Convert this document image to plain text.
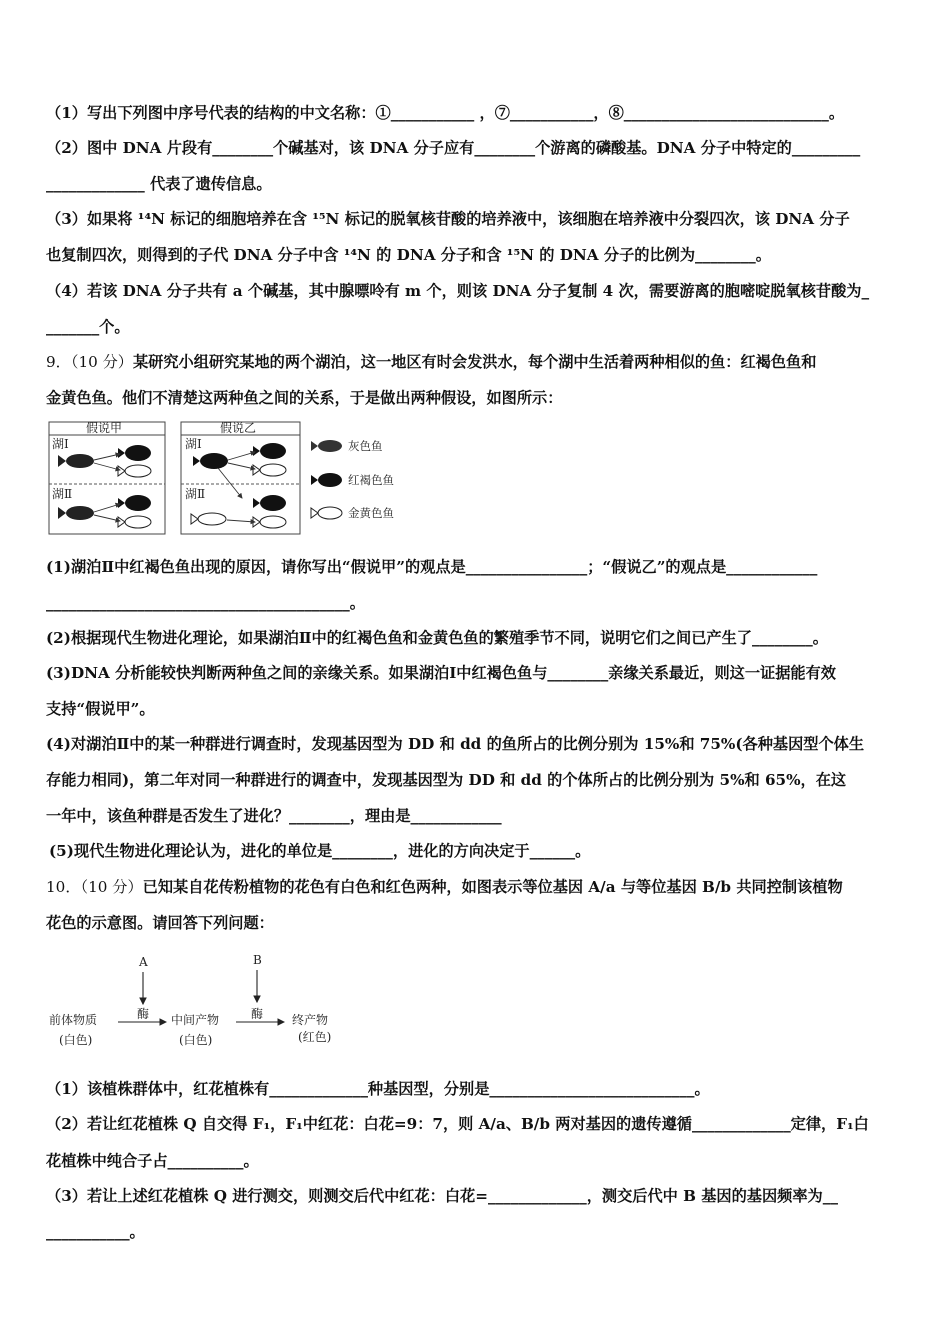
（1）写出下列图中序号代表的结构的中文名称：①___________ ，⑦___________，⑧___________________________。
（2）图中 DNA 片段有________个碱基对，该 DNA 分子应有________个游离的磷酸基。DNA 分子中特定的_________
_____________ 代表了遗传信息。
（3）如果将 ¹⁴N 标记的细胞培养在含 ¹⁵N 标记的脱氧核苷酸的培养液中，该细胞在培养液中分裂四次，该 DNA 分子
也复制四次，则得到的子代 DNA 分子中含 ¹⁴N 的 DNA 分子和含 ¹⁵N 的 DNA 分子的比例为________。
（4）若该 DNA 分子共有 a 个碱基，其中腺嘌呤有 m 个，则该 DNA 分子复制 4 次，需要游离的胞嘧啶脱氧核苷酸为_
_______个。
9．（10 分）某研究小组研究某地的两个湖泊，这一地区有时会发洪水，每个湖中生活着两种相似的鱼：红褐色鱼和
金黄色鱼。他们不清楚这两种鱼之间的关系，于是做出两种假设，如图所示：
假说甲
湖Ⅰ
湖Ⅱ
假说乙
湖Ⅰ
湖Ⅱ
灰色鱼
红褐色鱼
金黄色鱼
(1)湖泊Ⅱ中红褐色鱼出现的原因，请你写出“假说甲”的观点是________________；“假说乙”的观点是____________
________________________________________。
(2)根据现代生物进化理论，如果湖泊Ⅱ中的红褐色鱼和金黄色鱼的繁殖季节不同，说明它们之间已产生了________。
(3)DNA 分析能较快判断两种鱼之间的亲缘关系。如果湖泊Ⅰ中红褐色鱼与________亲缘关系最近，则这一证据能有效
支持“假说甲”。
(4)对湖泊Ⅱ中的某一种群进行调查时，发现基因型为 DD 和 dd 的鱼所占的比例分别为 15%和 75%(各种基因型个体生
存能力相同)，第二年对同一种群进行的调查中，发现基因型为 DD 和 dd 的个体所占的比例分别为 5%和 65%，在这
一年中，该鱼种群是否发生了进化？________，理由是____________
(5)现代生物进化理论认为，进化的单位是________，进化的方向决定于______。
10．（10 分）已知某自花传粉植物的花色有白色和红色两种，如图表示等位基因 A/a 与等位基因 B/b 共同控制该植物
花色的示意图。请回答下列问题：
A	B
前体物质
(白色)
酶 中间产物
(白色)
酶 终产物
(红色)
（1）该植株群体中，红花植株有_____________种基因型，分别是___________________________。
（2）若让红花植株 Q 自交得 F₁，F₁中红花：白花=9：7，则 A/a、B/b 两对基因的遗传遵循_____________定律，F₁白
花植株中纯合子占__________。
（3）若让上述红花植株 Q 进行测交，则测交后代中红花：白花=_____________，测交后代中 B 基因的基因频率为__
___________。
